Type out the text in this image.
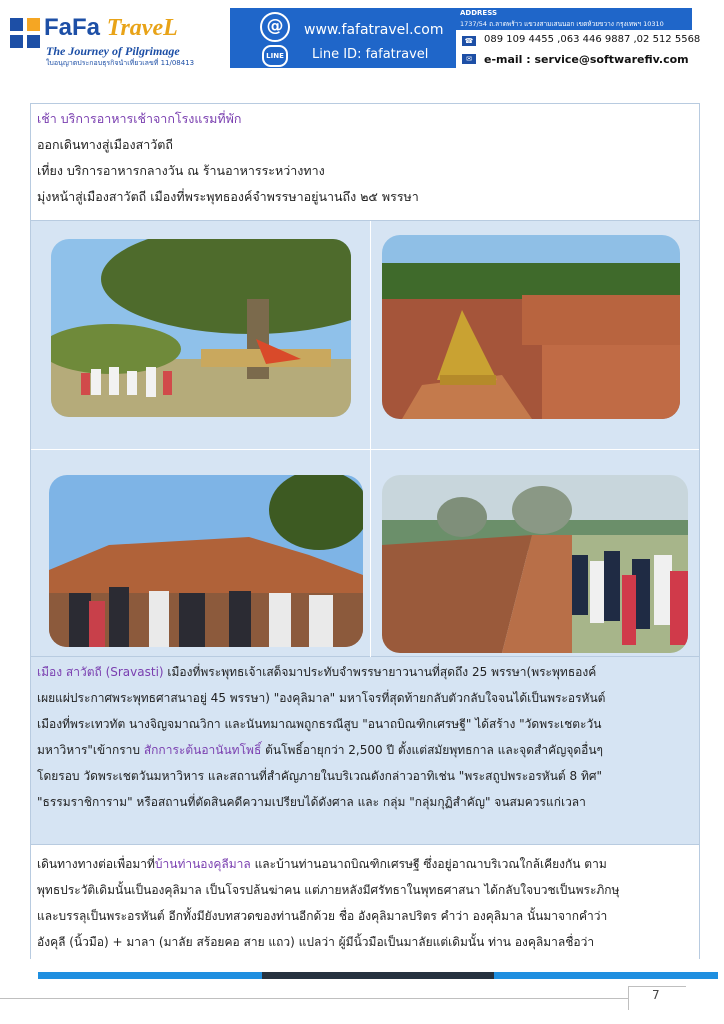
FaFa TraveL
The Journey of Pilgrimage
ใบอนุญาตประกอบธุรกิจนำเที่ยวเลขที่ 11/08413
@
LINE
www.fafatravel.com
Line ID: fafatravel
ADDRESS
1737/54 ถ.ลาดพร้าว แขวงสามเสนนอก เขตห้วยขวาง กรุงเทพฯ 10310
☎ 089 109 4455 ,063 446 9887 ,02 512 5568
✉	e-mail : service@softwarefiv.com

เช้า บริการอาหารเช้าจากโรงแรมที่พัก

ออกเดินทางสู่เมืองสาวัตถี

เที่ยง บริการอาหารกลางวัน ณ ร้านอาหารระหว่างทาง

มุ่งหน้าสู่เมืองสาวัตถี เมืองที่พระพุทธองค์จำพรรษาอยู่นานถึง ๒๕ พรรษา

เมือง สาวัตถี (Sravasti) เมืองที่พระพุทธเจ้าเสด็จมาประทับจำพรรษายาวนานที่สุดถึง 25 พรรษา(พระพุทธองค์

เผยแผ่ประกาศพระพุทธศาสนาอยู่ 45 พรรษา) "องคุลิมาล" มหาโจรที่สุดท้ายกลับตัวกลับใจจนได้เป็นพระอรหันต์

เมืองที่พระเทวทัต นางจิญจมาณวิกา และนันทมาณพถูกธรณีสูบ "อนาถบิณฑิกเศรษฐี" ได้สร้าง "วัดพระเชตะวัน

มหาวิหาร"เข้ากราบ สักการะต้นอานันทโพธิ์ ต้นโพธิ์อายุกว่า 2,500 ปี ตั้งแต่สมัยพุทธกาล และจุดสำคัญจุดอื่นๆ

โดยรอบ วัดพระเชตวันมหาวิหาร และสถานที่สำคัญภายในบริเวณดังกล่าวอาทิเช่น "พระสถูปพระอรหันต์ 8 ทิศ"

"ธรรมราชิการาม" หรือสถานที่ตัดสินคดีความเปรียบได้ดังศาล และ กลุ่ม "กลุ่มกุฏิสำคัญ" จนสมควรแก่เวลา

เดินทางทางต่อเพื่อมาที่บ้านท่านองคุลีมาล และบ้านท่านอนาถบิณฑิกเศรษฐี ซึ่งอยู่อาณาบริเวณใกล้เคียงกัน ตาม

พุทธประวัติเดิมนั้นเป็นองคุลิมาล เป็นโจรปล้นฆ่าคน แต่ภายหลังมีศรัทธาในพุทธศาสนา ได้กลับใจบวชเป็นพระภิกษุ

และบรรลุเป็นพระอรหันต์ อีกทั้งมียังบทสวดของท่านอีกด้วย ชื่อ อังคุลิมาลปริตร คำว่า องคุลิมาล นั้นมาจากคำว่า

อังคุลี (นิ้วมือ) + มาลา (มาลัย สร้อยคอ สาย แถว) แปลว่า ผู้มีนิ้วมือเป็นมาลัยแต่เดิมนั้น ท่าน องคุลิมาลชื่อว่า

7
